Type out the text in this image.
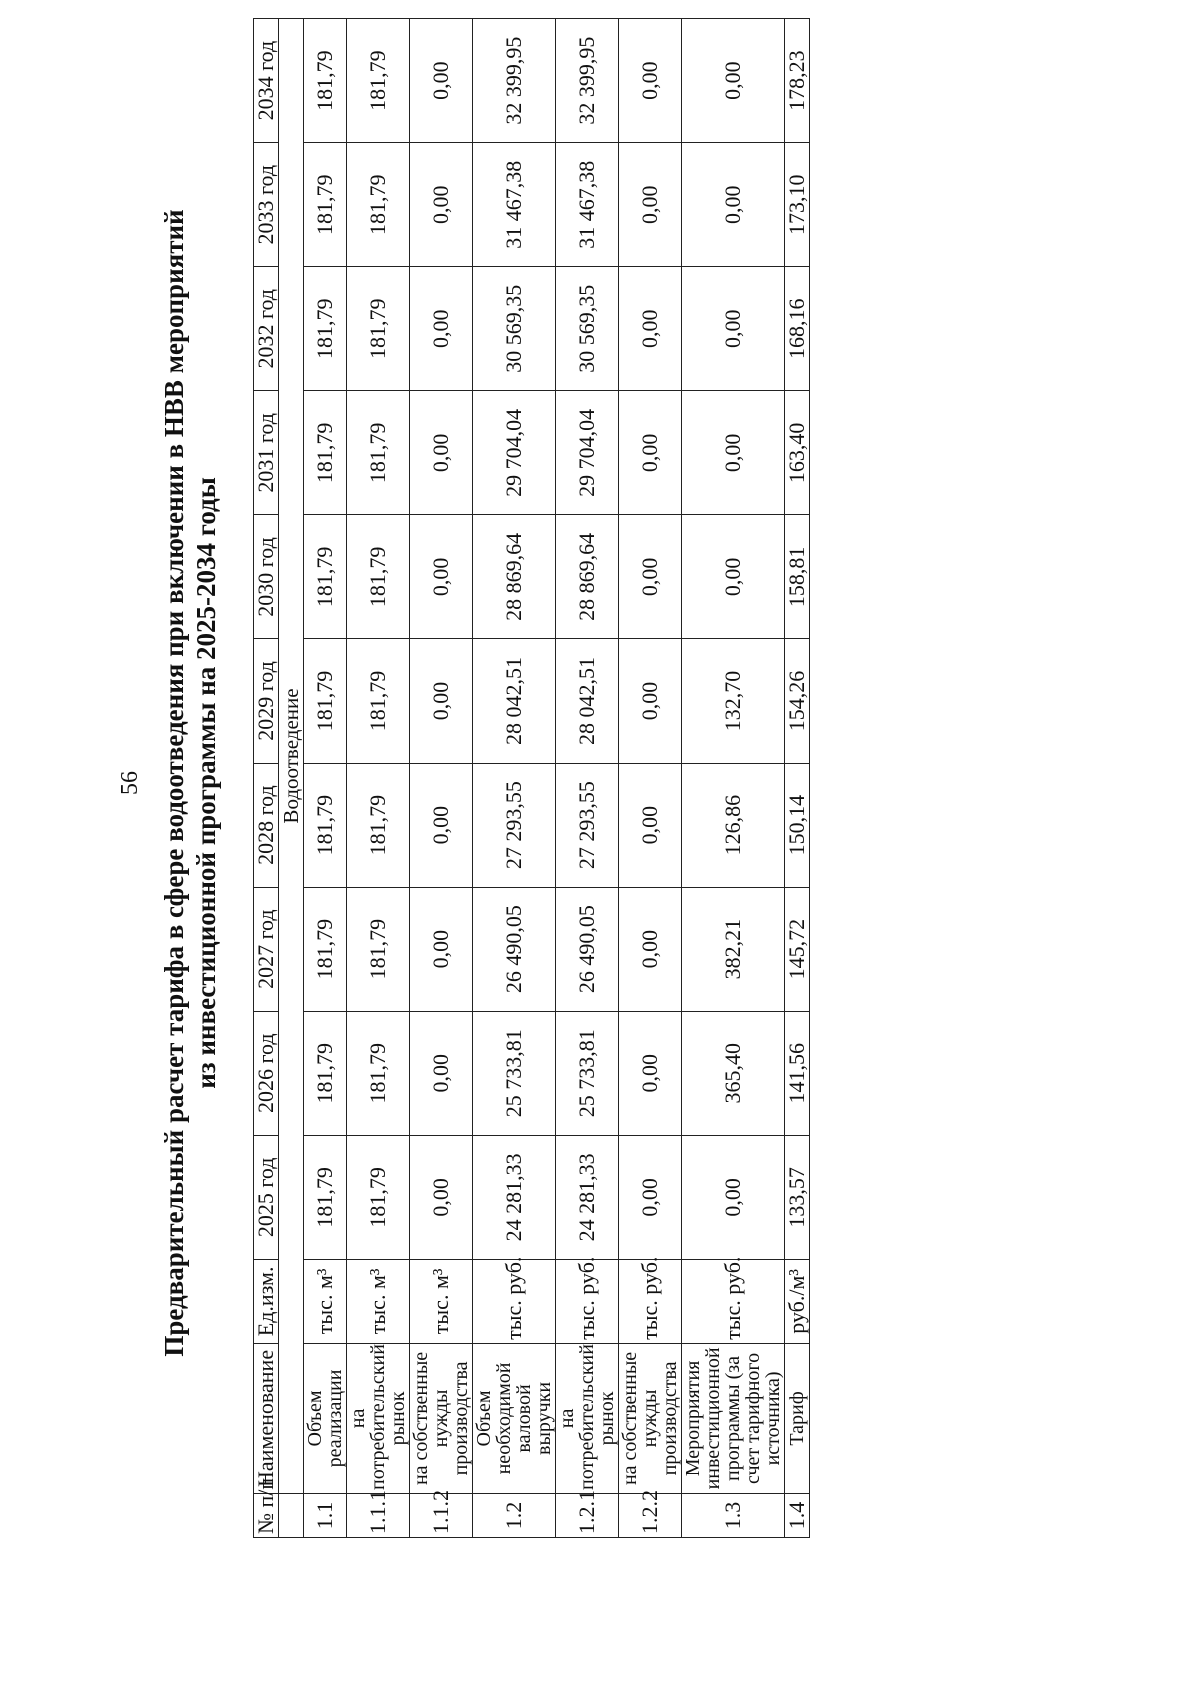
56 Предварительный расчет тарифа в сфере водоотведения при включении в НВВ мероприятий из инвестиционной программы на 2025-2034 годы
№ п/п	Наименование	Ед.изм.	2025 год	2026 год	2027 год	2028 год	2029 год	2030 год	2031 год	2032 год	2033 год	2034 год
	Водоотведение											
1.1	Объем реализации	тыс. м³	181,79	181,79	181,79	181,79	181,79	181,79	181,79	181,79	181,79	181,79
1.1.1	на потребительский рынок	тыс. м³	181,79	181,79	181,79	181,79	181,79	181,79	181,79	181,79	181,79	181,79
1.1.2	на собственные нужды производства	тыс. м³	0,00	0,00	0,00	0,00	0,00	0,00	0,00	0,00	0,00	0,00
1.2	Объем необходимой валовой выручки	тыс. руб.	24 281,33	25 733,81	26 490,05	27 293,55	28 042,51	28 869,64	29 704,04	30 569,35	31 467,38	32 399,95
1.2.1	на потребительский рынок	тыс. руб.	24 281,33	25 733,81	26 490,05	27 293,55	28 042,51	28 869,64	29 704,04	30 569,35	31 467,38	32 399,95
1.2.2	на собственные нужды производства	тыс. руб.	0,00	0,00	0,00	0,00	0,00	0,00	0,00	0,00	0,00	0,00
1.3	Мероприятия инвестиционной программы (за счет тарифного источника)	тыс. руб.	0,00	365,40	382,21	126,86	132,70	0,00	0,00	0,00	0,00	0,00
1.4	Тариф	руб./м³	133,57	141,56	145,72	150,14	154,26	158,81	163,40	168,16	173,10	178,23
